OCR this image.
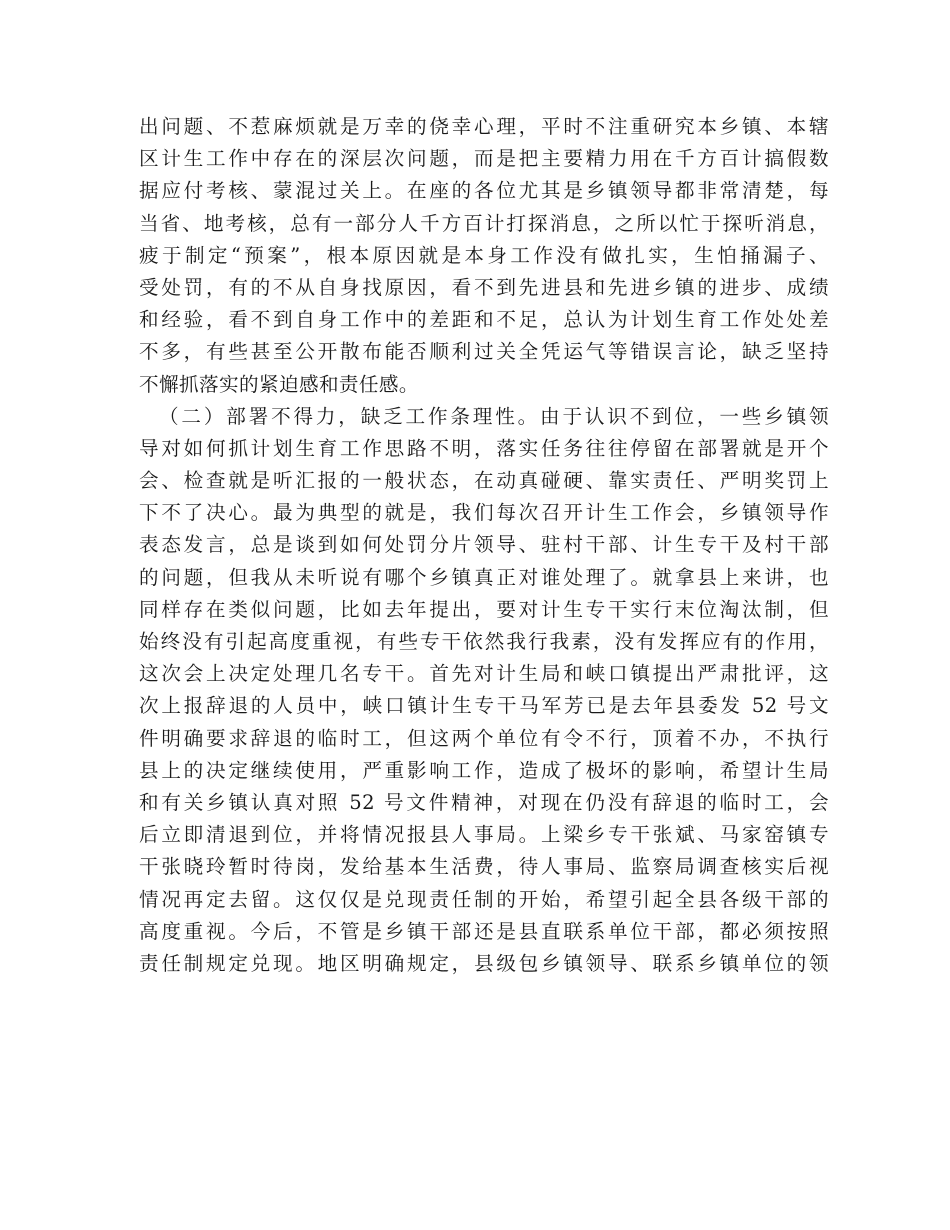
出问题、不惹麻烦就是万幸的侥幸心理，平时不注重研究本乡镇、本辖
区计生工作中存在的深层次问题，而是把主要精力用在千方百计搞假数
据应付考核、蒙混过关上。在座的各位尤其是乡镇领导都非常清楚，每
当省、地考核，总有一部分人千方百计打探消息，之所以忙于探听消息，
疲于制定“预案”，根本原因就是本身工作没有做扎实，生怕捅漏子、
受处罚，有的不从自身找原因，看不到先进县和先进乡镇的进步、成绩
和经验，看不到自身工作中的差距和不足，总认为计划生育工作处处差
不多，有些甚至公开散布能否顺利过关全凭运气等错误言论，缺乏坚持
不懈抓落实的紧迫感和责任感。
（二）部署不得力，缺乏工作条理性。由于认识不到位，一些乡镇领
导对如何抓计划生育工作思路不明，落实任务往往停留在部署就是开个
会、检查就是听汇报的一般状态，在动真碰硬、靠实责任、严明奖罚上
下不了决心。最为典型的就是，我们每次召开计生工作会，乡镇领导作
表态发言，总是谈到如何处罚分片领导、驻村干部、计生专干及村干部
的问题，但我从未听说有哪个乡镇真正对谁处理了。就拿县上来讲，也
同样存在类似问题，比如去年提出，要对计生专干实行末位淘汰制，但
始终没有引起高度重视，有些专干依然我行我素，没有发挥应有的作用，
这次会上决定处理几名专干。首先对计生局和峡口镇提出严肃批评，这
次上报辞退的人员中，峡口镇计生专干马军芳已是去年县委发 52 号文
件明确要求辞退的临时工，但这两个单位有令不行，顶着不办，不执行
县上的决定继续使用，严重影响工作，造成了极坏的影响，希望计生局
和有关乡镇认真对照 52 号文件精神，对现在仍没有辞退的临时工，会
后立即清退到位，并将情况报县人事局。上梁乡专干张斌、马家窑镇专
干张晓玲暂时待岗，发给基本生活费，待人事局、监察局调查核实后视
情况再定去留。这仅仅是兑现责任制的开始，希望引起全县各级干部的
高度重视。今后，不管是乡镇干部还是县直联系单位干部，都必须按照
责任制规定兑现。地区明确规定，县级包乡镇领导、联系乡镇单位的领
